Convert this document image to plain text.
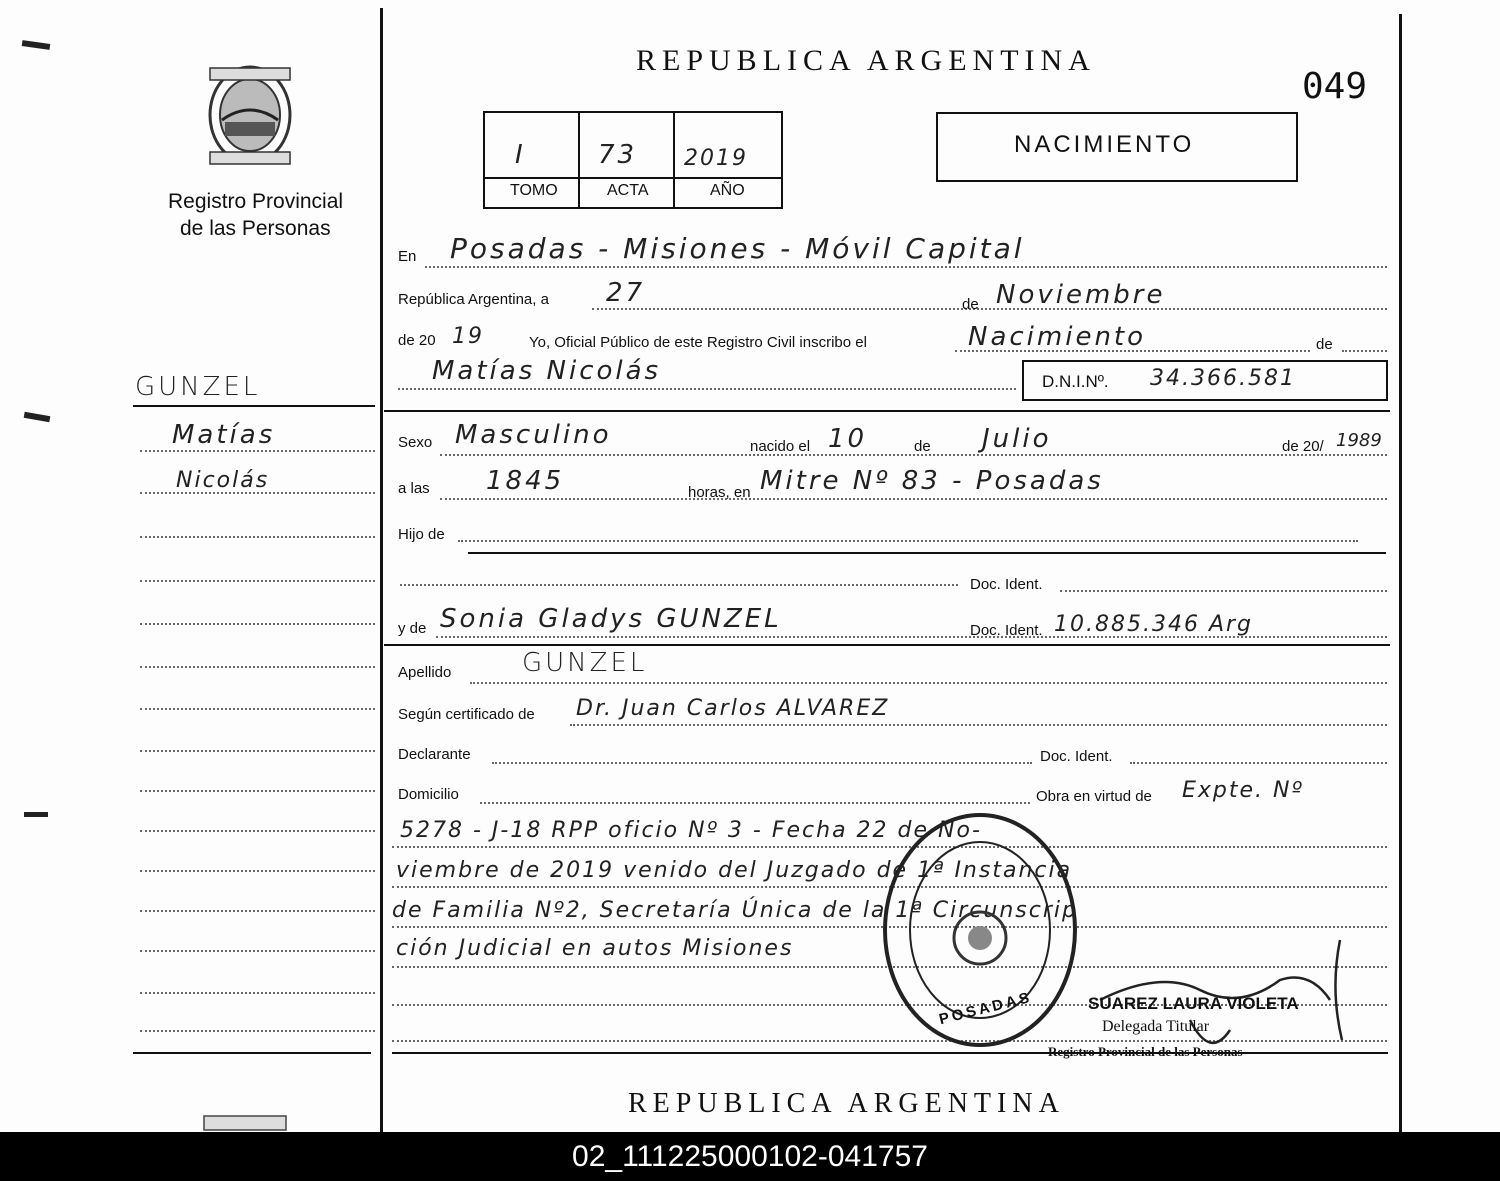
Registro Provincial
de las Personas
REPUBLICA ARGENTINA
049
I	73 2019
TOMO	ACTA	AÑO
NACIMIENTO
GUNZEL
Matías
Nicolás
En Posadas - Misiones - Móvil Capital
República Argentina, a 27	de Noviembre
de 20 19	Yo, Oficial Público de este Registro Civil inscribo el	Nacimiento	de
Matías Nicolás	D.N.I.Nº. 34.366.581
Sexo Masculino	nacido el 10	de Julio	de 20/ 1989
a las 1845	horas, en Mitre Nº 83 - Posadas
Hijo de
Doc. Ident.
y de Sonia Gladys GUNZEL	Doc. Ident. 10.885.346 Arg
Apellido	GUNZEL
Según certificado de Dr. Juan Carlos ALVAREZ
Declarante	Doc. Ident.
Domicilio	Obra en virtud de Expte. Nº
5278 - J-18 RPP oficio Nº 3 - Fecha 22 de No-
viembre de 2019 venido del Juzgado de 1ª Instancia
de Familia Nº2, Secretaría Única de la 1ª Circunscrip
ción Judicial en autos Misiones
POSADAS	SUAREZ LAURA VIOLETA
Delegada Titular
Registro Provincial de las Personas
REPUBLICA ARGENTINA
02_111225000102-041757
